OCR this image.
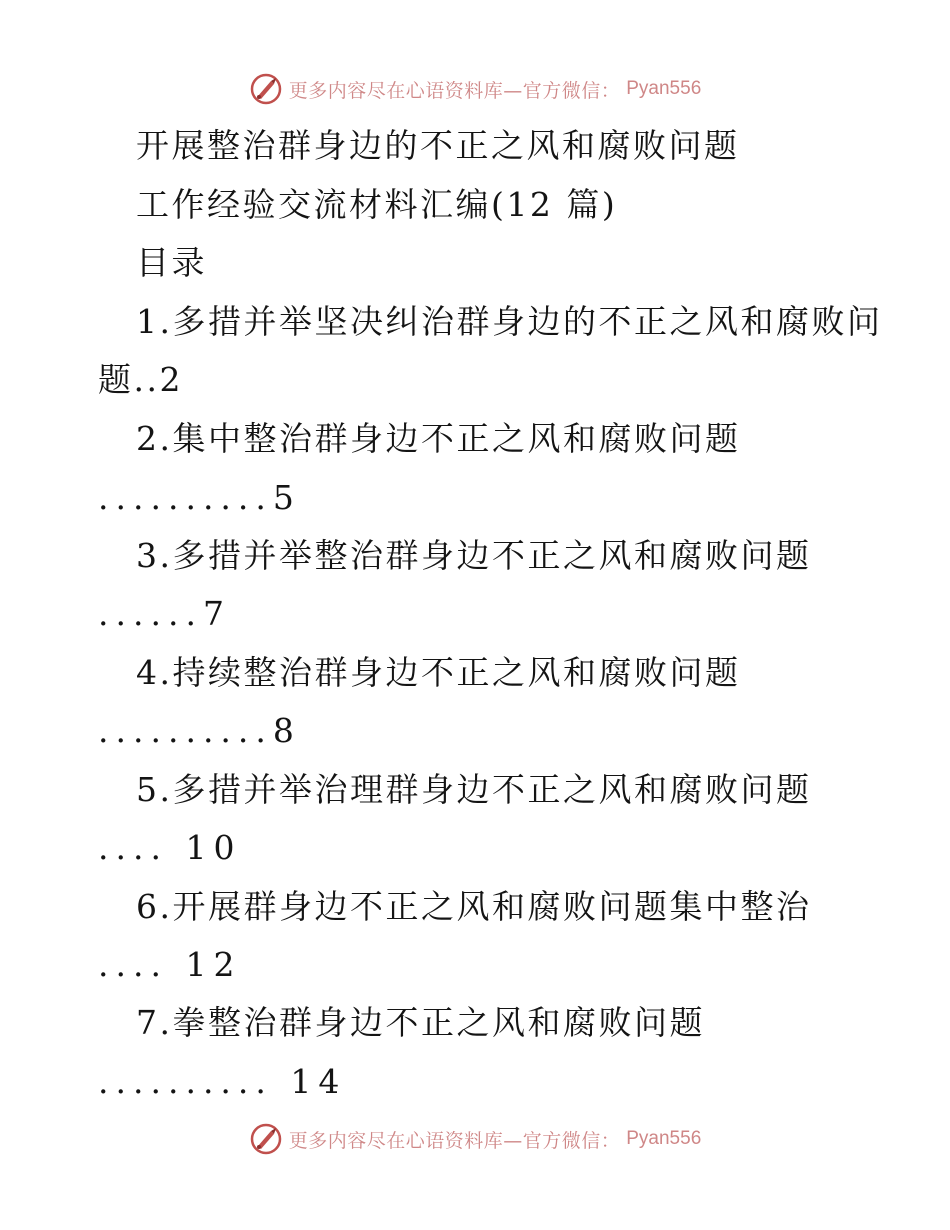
更多内容尽在心语资料库—官方微信： Pyan556
开展整治群身边的不正之风和腐败问题
工作经验交流材料汇编(12 篇)
目录
1.多措并举坚决纠治群身边的不正之风和腐败问
题..2
2.集中整治群身边不正之风和腐败问题
..........5
3.多措并举整治群身边不正之风和腐败问题
......7
4.持续整治群身边不正之风和腐败问题
..........8
5.多措并举治理群身边不正之风和腐败问题
.... 10
6.开展群身边不正之风和腐败问题集中整治
.... 12
7.拳整治群身边不正之风和腐败问题
.......... 14
更多内容尽在心语资料库—官方微信： Pyan556
